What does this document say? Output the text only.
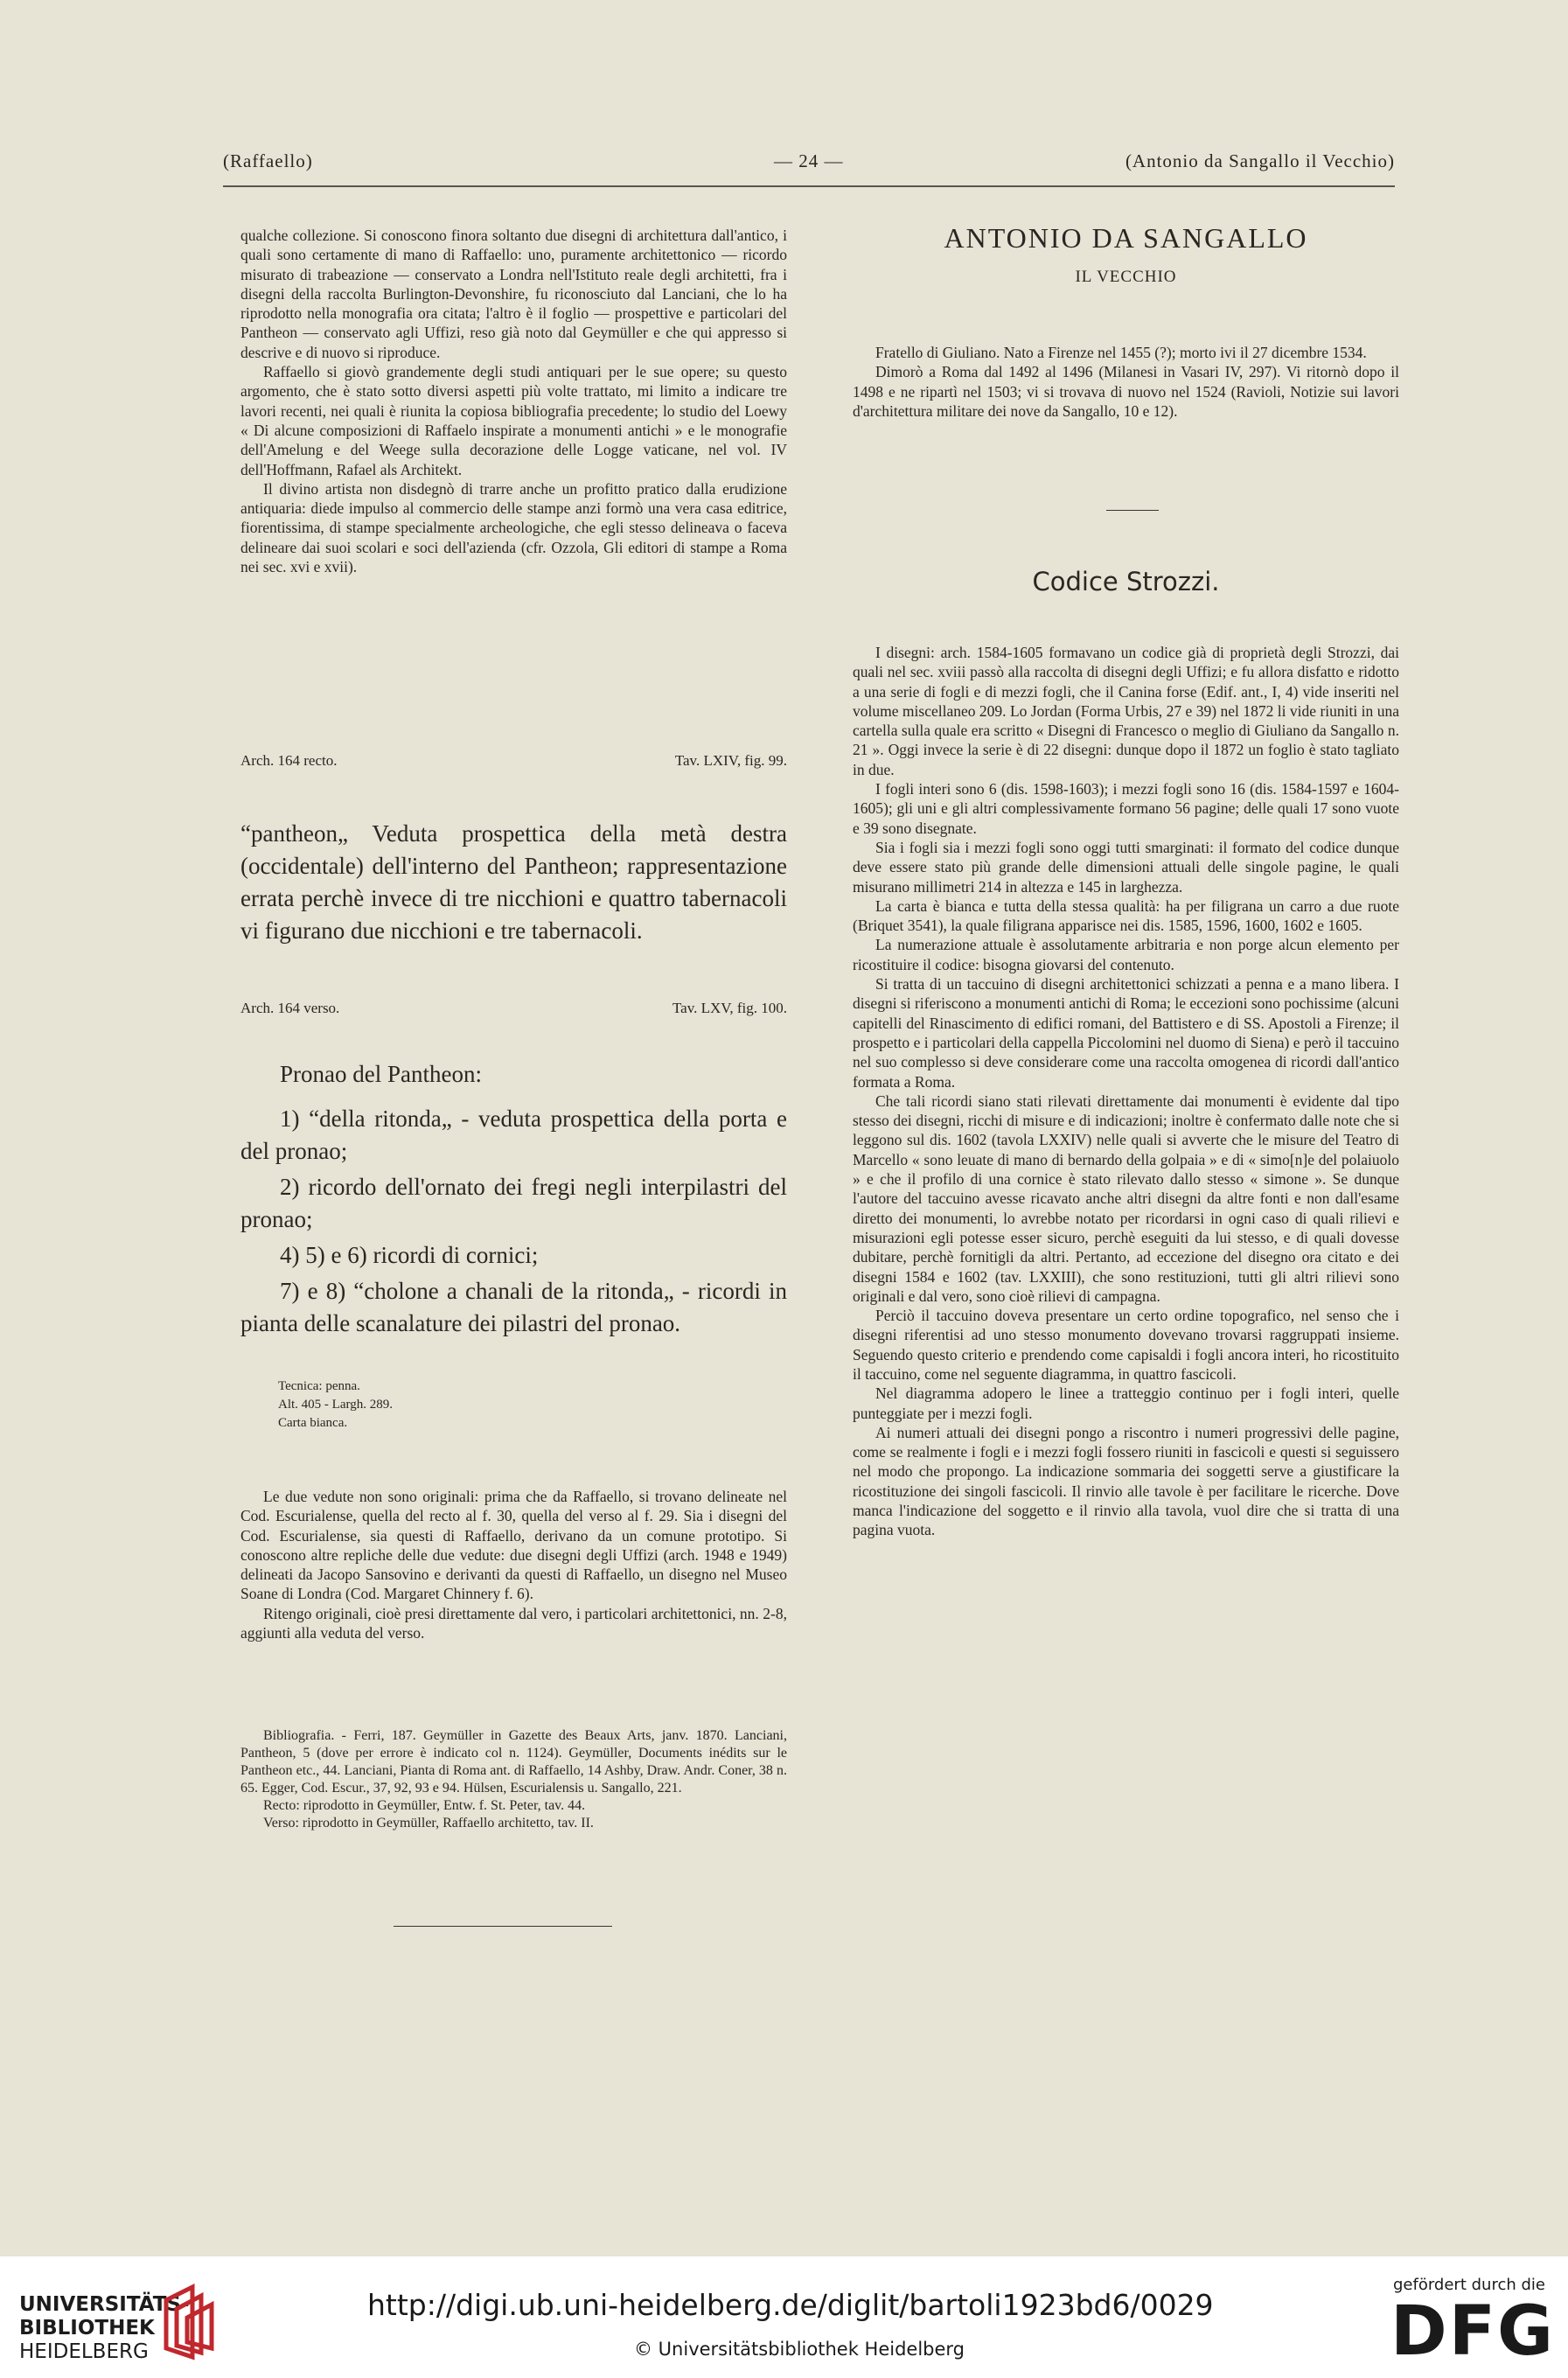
(Raffaello)	— 24 —	(Antonio da Sangallo il Vecchio)

qualche collezione. Si conoscono finora soltanto due disegni di architettura dall'antico, i quali sono certamente di mano di Raffaello: uno, puramente architettonico — ricordo misurato di trabeazione — conservato a Londra nell'Istituto reale degli architetti, fra i disegni della raccolta Burlington-Devonshire, fu riconosciuto dal Lanciani, che lo ha riprodotto nella monografia ora citata; l'altro è il foglio — prospettive e particolari del Pantheon — conservato agli Uffizi, reso già noto dal Geymüller e che qui appresso si descrive e di nuovo si riproduce.

Raffaello si giovò grandemente degli studi antiquari per le sue opere; su questo argomento, che è stato sotto diversi aspetti più volte trattato, mi limito a indicare tre lavori recenti, nei quali è riunita la copiosa bibliografia precedente; lo studio del Loewy « Di alcune composizioni di Raffaelo inspirate a monumenti antichi » e le monografie dell'Amelung e del Weege sulla decorazione delle Logge vaticane, nel vol. IV dell'Hoffmann, Rafael als Architekt.

Il divino artista non disdegnò di trarre anche un profitto pratico dalla erudizione antiquaria: diede impulso al commercio delle stampe anzi formò una vera casa editrice, fiorentissima, di stampe specialmente archeologiche, che egli stesso delineava o faceva delineare dai suoi scolari e soci dell'azienda (cfr. Ozzola, Gli editori di stampe a Roma nei sec. xvi e xvii).

Arch. 164 recto.	Tav. LXIV, fig. 99.
“pantheon„ Veduta prospettica della metà destra (occidentale) dell'interno del Pantheon; rappresentazione errata perchè invece di tre nicchioni e quattro tabernacoli vi figurano due nicchioni e tre tabernacoli.
Arch. 164 verso.	Tav. LXV, fig. 100.

Pronao del Pantheon:

1) “della ritonda„ - veduta prospettica della porta e del pronao;

2) ricordo dell'ornato dei fregi negli interpilastri del pronao;

4) 5) e 6) ricordi di cornici;

7) e 8) “cholone a chanali de la ritonda„ - ricordi in pianta delle scanalature dei pilastri del pronao.

Tecnica: penna.
Alt. 405 - Largh. 289.
Carta bianca.

Le due vedute non sono originali: prima che da Raffaello, si trovano delineate nel Cod. Escurialense, quella del recto al f. 30, quella del verso al f. 29. Sia i disegni del Cod. Escurialense, sia questi di Raffaello, derivano da un comune prototipo. Si conoscono altre repliche delle due vedute: due disegni degli Uffizi (arch. 1948 e 1949) delineati da Jacopo Sansovino e derivanti da questi di Raffaello, un disegno nel Museo Soane di Londra (Cod. Margaret Chinnery f. 6).

Ritengo originali, cioè presi direttamente dal vero, i particolari architettonici, nn. 2-8, aggiunti alla veduta del verso.

Bibliografia. - Ferri, 187. Geymüller in Gazette des Beaux Arts, janv. 1870. Lanciani, Pantheon, 5 (dove per errore è indicato col n. 1124). Geymüller, Documents inédits sur le Pantheon etc., 44. Lanciani, Pianta di Roma ant. di Raffaello, 14 Ashby, Draw. Andr. Coner, 38 n. 65. Egger, Cod. Escur., 37, 92, 93 e 94. Hülsen, Escurialensis u. Sangallo, 221.

Recto: riprodotto in Geymüller, Entw. f. St. Peter, tav. 44.

Verso: riprodotto in Geymüller, Raffaello architetto, tav. II.

ANTONIO DA SANGALLO
IL VECCHIO

Fratello di Giuliano. Nato a Firenze nel 1455 (?); morto ivi il 27 dicembre 1534.

Dimorò a Roma dal 1492 al 1496 (Milanesi in Vasari IV, 297). Vi ritornò dopo il 1498 e ne ripartì nel 1503; vi si trovava di nuovo nel 1524 (Ravioli, Notizie sui lavori d'architettura militare dei nove da Sangallo, 10 e 12).

Codice Strozzi.

I disegni: arch. 1584-1605 formavano un codice già di proprietà degli Strozzi, dai quali nel sec. xviii passò alla raccolta di disegni degli Uffizi; e fu allora disfatto e ridotto a una serie di fogli e di mezzi fogli, che il Canina forse (Edif. ant., I, 4) vide inseriti nel volume miscellaneo 209. Lo Jordan (Forma Urbis, 27 e 39) nel 1872 li vide riuniti in una cartella sulla quale era scritto « Disegni di Francesco o meglio di Giuliano da Sangallo n. 21 ». Oggi invece la serie è di 22 disegni: dunque dopo il 1872 un foglio è stato tagliato in due.

I fogli interi sono 6 (dis. 1598-1603); i mezzi fogli sono 16 (dis. 1584-1597 e 1604-1605); gli uni e gli altri complessivamente formano 56 pagine; delle quali 17 sono vuote e 39 sono disegnate.

Sia i fogli sia i mezzi fogli sono oggi tutti smarginati: il formato del codice dunque deve essere stato più grande delle dimensioni attuali delle singole pagine, le quali misurano millimetri 214 in altezza e 145 in larghezza.

La carta è bianca e tutta della stessa qualità: ha per filigrana un carro a due ruote (Briquet 3541), la quale filigrana apparisce nei dis. 1585, 1596, 1600, 1602 e 1605.

La numerazione attuale è assolutamente arbitraria e non porge alcun elemento per ricostituire il codice: bisogna giovarsi del contenuto.

Si tratta di un taccuino di disegni architettonici schizzati a penna e a mano libera. I disegni si riferiscono a monumenti antichi di Roma; le eccezioni sono pochissime (alcuni capitelli del Rinascimento di edifici romani, del Battistero e di SS. Apostoli a Firenze; il prospetto e i particolari della cappella Piccolomini nel duomo di Siena) e però il taccuino nel suo complesso si deve considerare come una raccolta omogenea di ricordi dall'antico formata a Roma.

Che tali ricordi siano stati rilevati direttamente dai monumenti è evidente dal tipo stesso dei disegni, ricchi di misure e di indicazioni; inoltre è confermato dalle note che si leggono sul dis. 1602 (tavola LXXIV) nelle quali si avverte che le misure del Teatro di Marcello « sono leuate di mano di bernardo della golpaia » e di « simo[n]e del polaiuolo » e che il profilo di una cornice è stato rilevato dallo stesso « simone ». Se dunque l'autore del taccuino avesse ricavato anche altri disegni da altre fonti e non dall'esame diretto dei monumenti, lo avrebbe notato per ricordarsi in ogni caso di quali rilievi e misurazioni egli potesse esser sicuro, perchè eseguiti da lui stesso, e di quali dovesse dubitare, perchè fornitigli da altri. Pertanto, ad eccezione del disegno ora citato e dei disegni 1584 e 1602 (tav. LXXIII), che sono restituzioni, tutti gli altri rilievi sono originali e dal vero, sono cioè rilievi di campagna.

Perciò il taccuino doveva presentare un certo ordine topografico, nel senso che i disegni riferentisi ad uno stesso monumento dovevano trovarsi raggruppati insieme. Seguendo questo criterio e prendendo come capisaldi i fogli ancora interi, ho ricostituito il taccuino, come nel seguente diagramma, in quattro fascicoli.

Nel diagramma adopero le linee a tratteggio continuo per i fogli interi, quelle punteggiate per i mezzi fogli.

Ai numeri attuali dei disegni pongo a riscontro i numeri progressivi delle pagine, come se realmente i fogli e i mezzi fogli fossero riuniti in fascicoli e questi si seguissero nel modo che propongo. La indicazione sommaria dei soggetti serve a giustificare la ricostituzione dei singoli fascicoli. Il rinvio alle tavole è per facilitare le ricerche. Dove manca l'indicazione del soggetto e il rinvio alla tavola, vuol dire che si tratta di una pagina vuota.

UNIVERSITÄTS-
BIBLIOTHEK
HEIDELBERG
http://digi.ub.uni-heidelberg.de/diglit/bartoli1923bd6/0029
© Universitätsbibliothek Heidelberg
gefördert durch die
DFG
